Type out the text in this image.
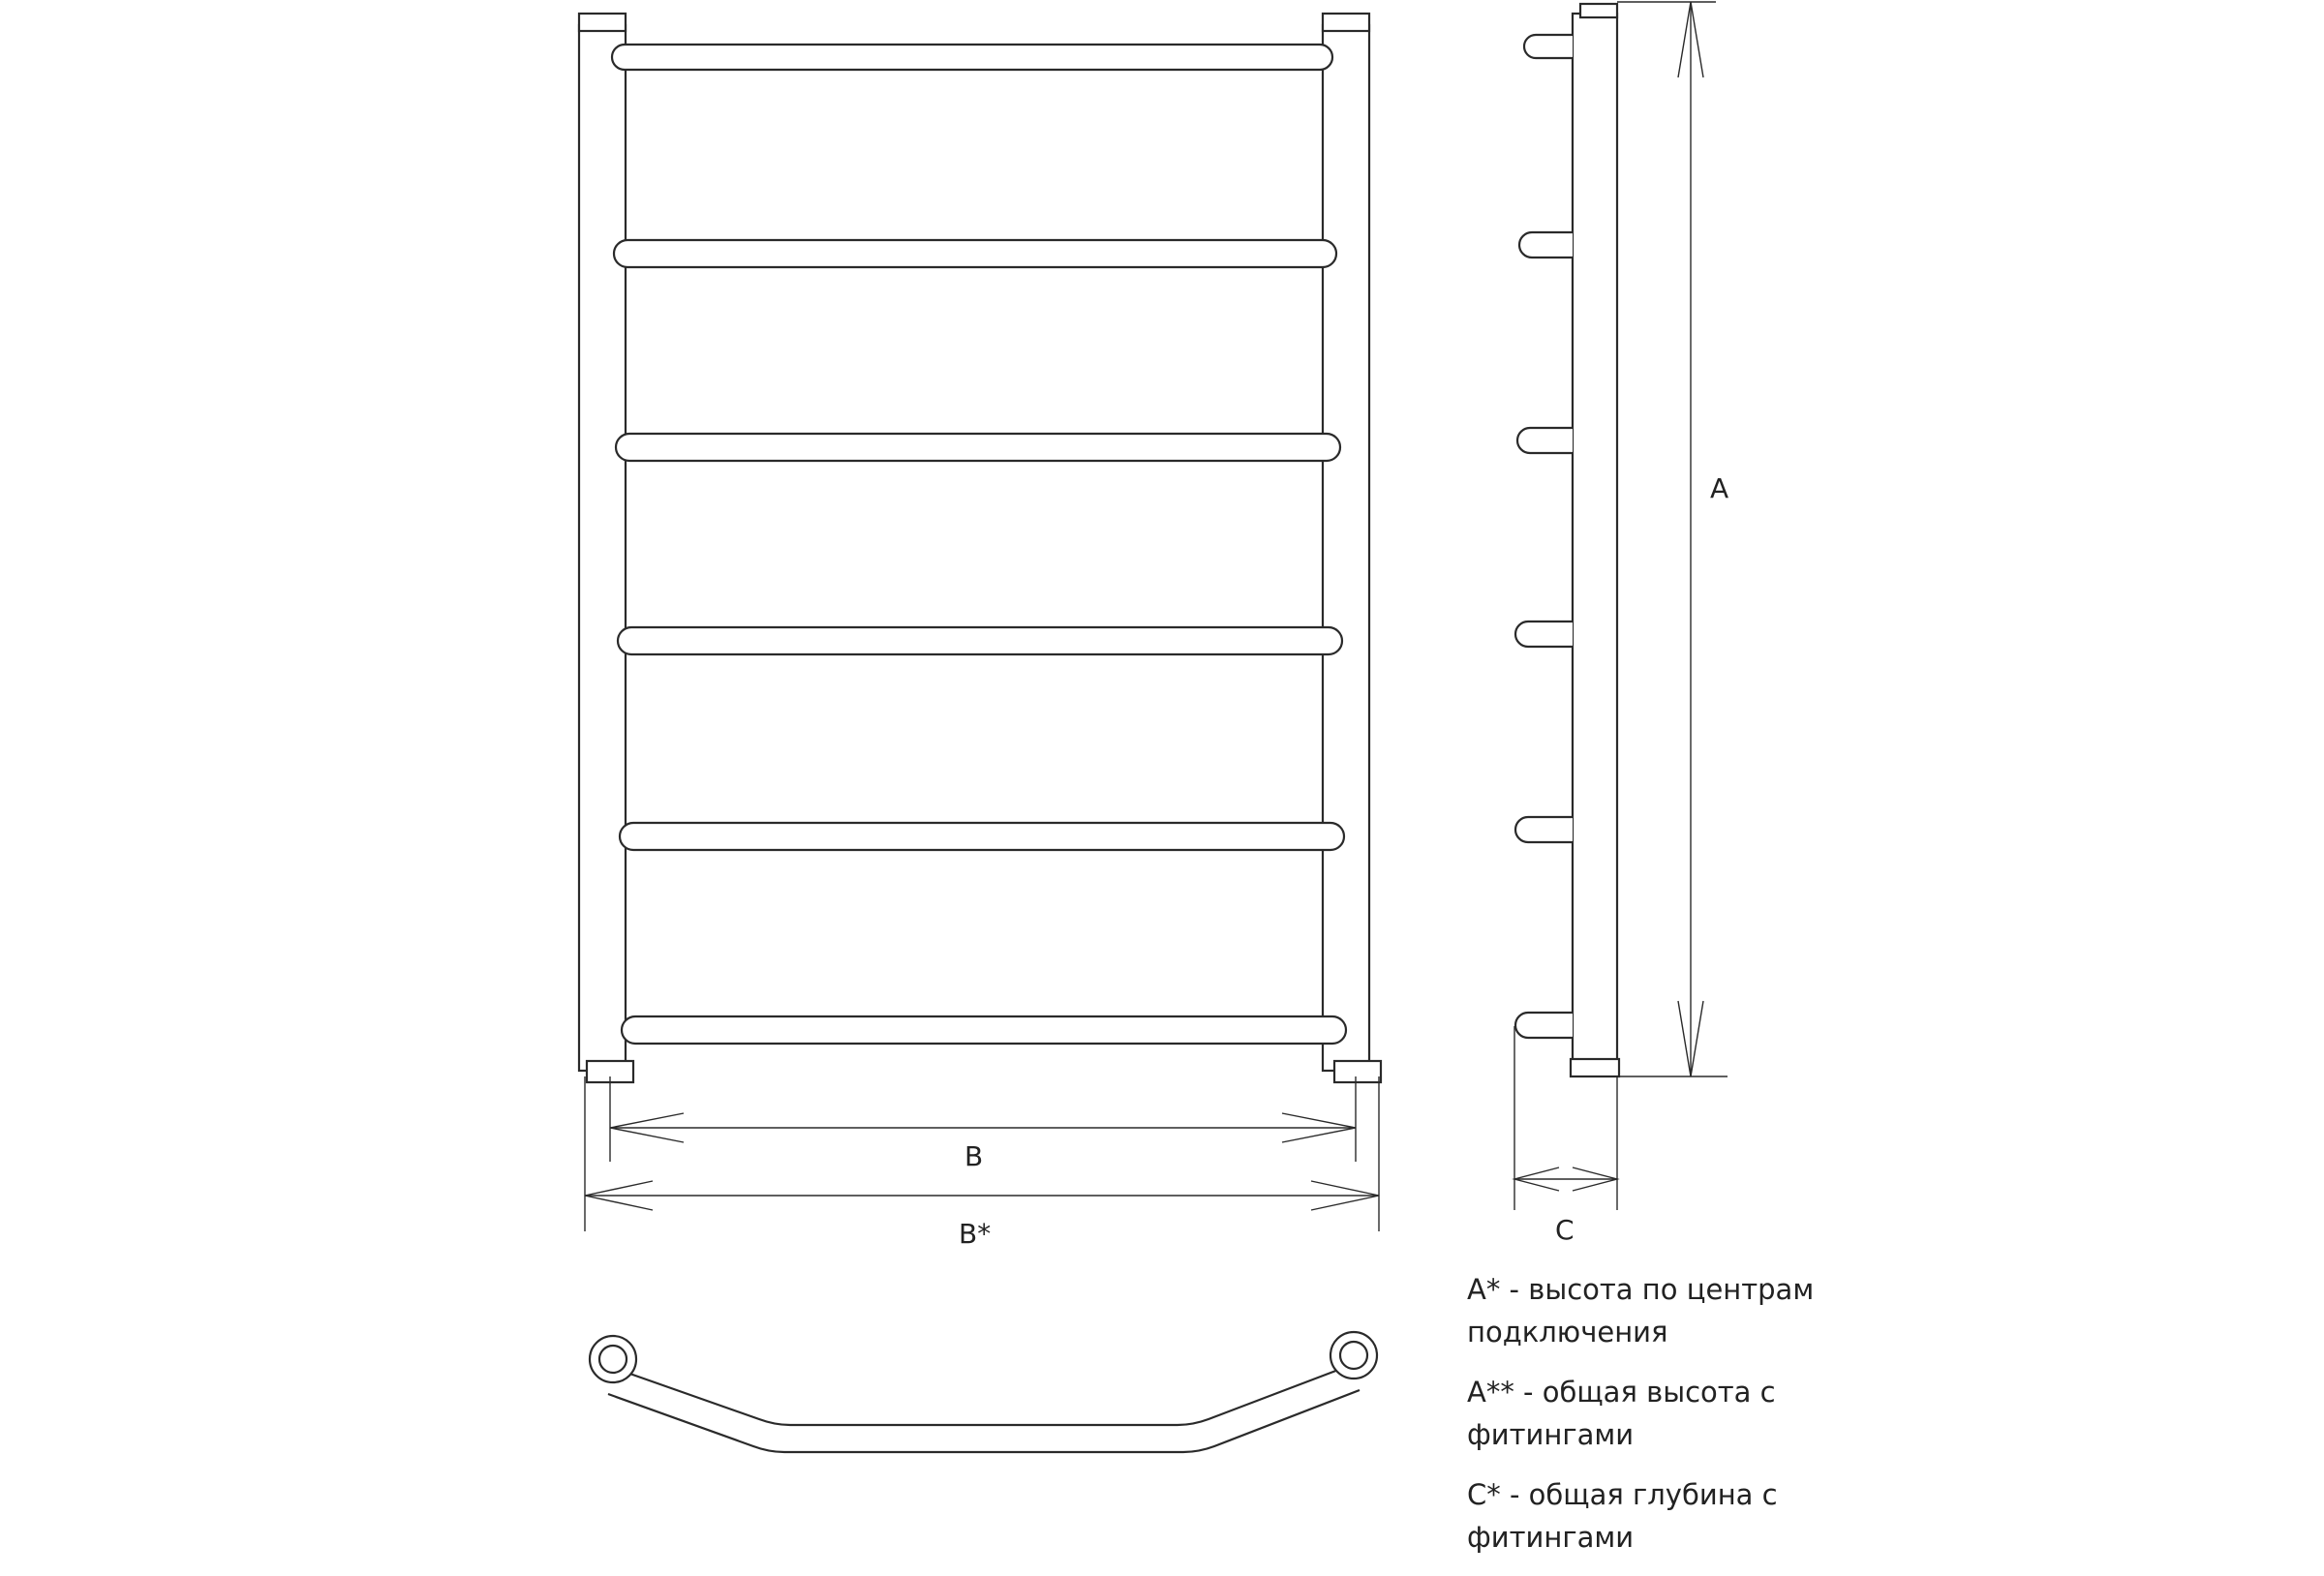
B
B*
A
C
A* - высота по центрам
подключения
A** - общая высота с
фитингами
C* - общая глубина с
фитингами
